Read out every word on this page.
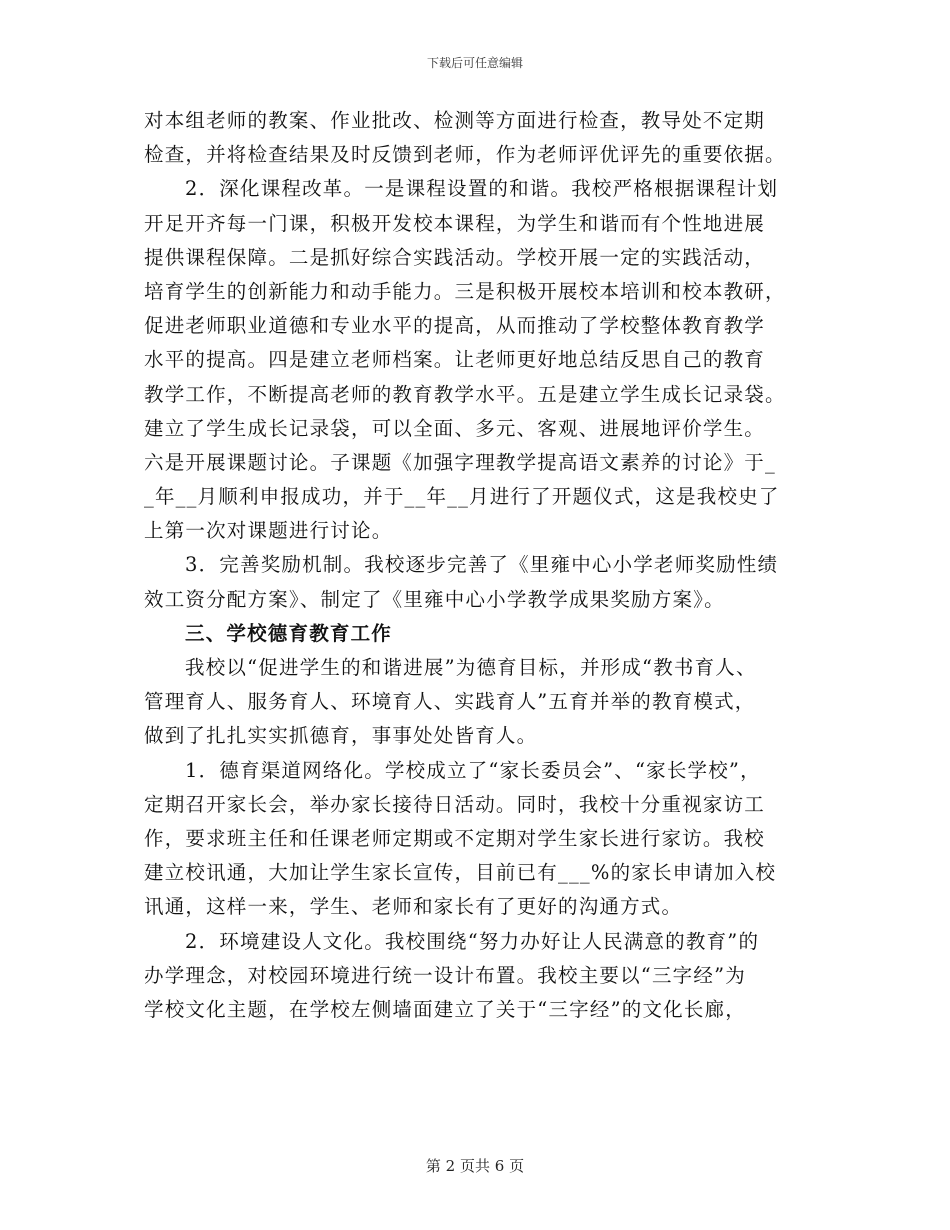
下载后可任意编辑
对本组老师的教案、作业批改、检测等方面进行检查，教导处不定期
检查，并将检查结果及时反馈到老师，作为老师评优评先的重要依据。
2．深化课程改革。一是课程设置的和谐。我校严格根据课程计划
开足开齐每一门课，积极开发校本课程，为学生和谐而有个性地进展
提供课程保障。二是抓好综合实践活动。学校开展一定的实践活动，
培育学生的创新能力和动手能力。三是积极开展校本培训和校本教研，
促进老师职业道德和专业水平的提高，从而推动了学校整体教育教学
水平的提高。四是建立老师档案。让老师更好地总结反思自己的教育
教学工作，不断提高老师的教育教学水平。五是建立学生成长记录袋。
建立了学生成长记录袋，可以全面、多元、客观、进展地评价学生。
六是开展课题讨论。子课题《加强字理教学提高语文素养的讨论》于_
_年__月顺利申报成功，并于__年__月进行了开题仪式，这是我校史了
上第一次对课题进行讨论。
3．完善奖励机制。我校逐步完善了《里雍中心小学老师奖励性绩
效工资分配方案》、制定了《里雍中心小学教学成果奖励方案》。
三、学校德育教育工作
我校以“促进学生的和谐进展”为德育目标，并形成“教书育人、
管理育人、服务育人、环境育人、实践育人”五育并举的教育模式，
做到了扎扎实实抓德育，事事处处皆育人。
1．德育渠道网络化。学校成立了“家长委员会”、“家长学校”，
定期召开家长会，举办家长接待日活动。同时，我校十分重视家访工
作，要求班主任和任课老师定期或不定期对学生家长进行家访。我校
建立校讯通，大加让学生家长宣传，目前已有___%的家长申请加入校
讯通，这样一来，学生、老师和家长有了更好的沟通方式。
2．环境建设人文化。我校围绕“努力办好让人民满意的教育”的
办学理念，对校园环境进行统一设计布置。我校主要以“三字经”为
学校文化主题，在学校左侧墙面建立了关于“三字经”的文化长廊，
第 2 页共 6 页
